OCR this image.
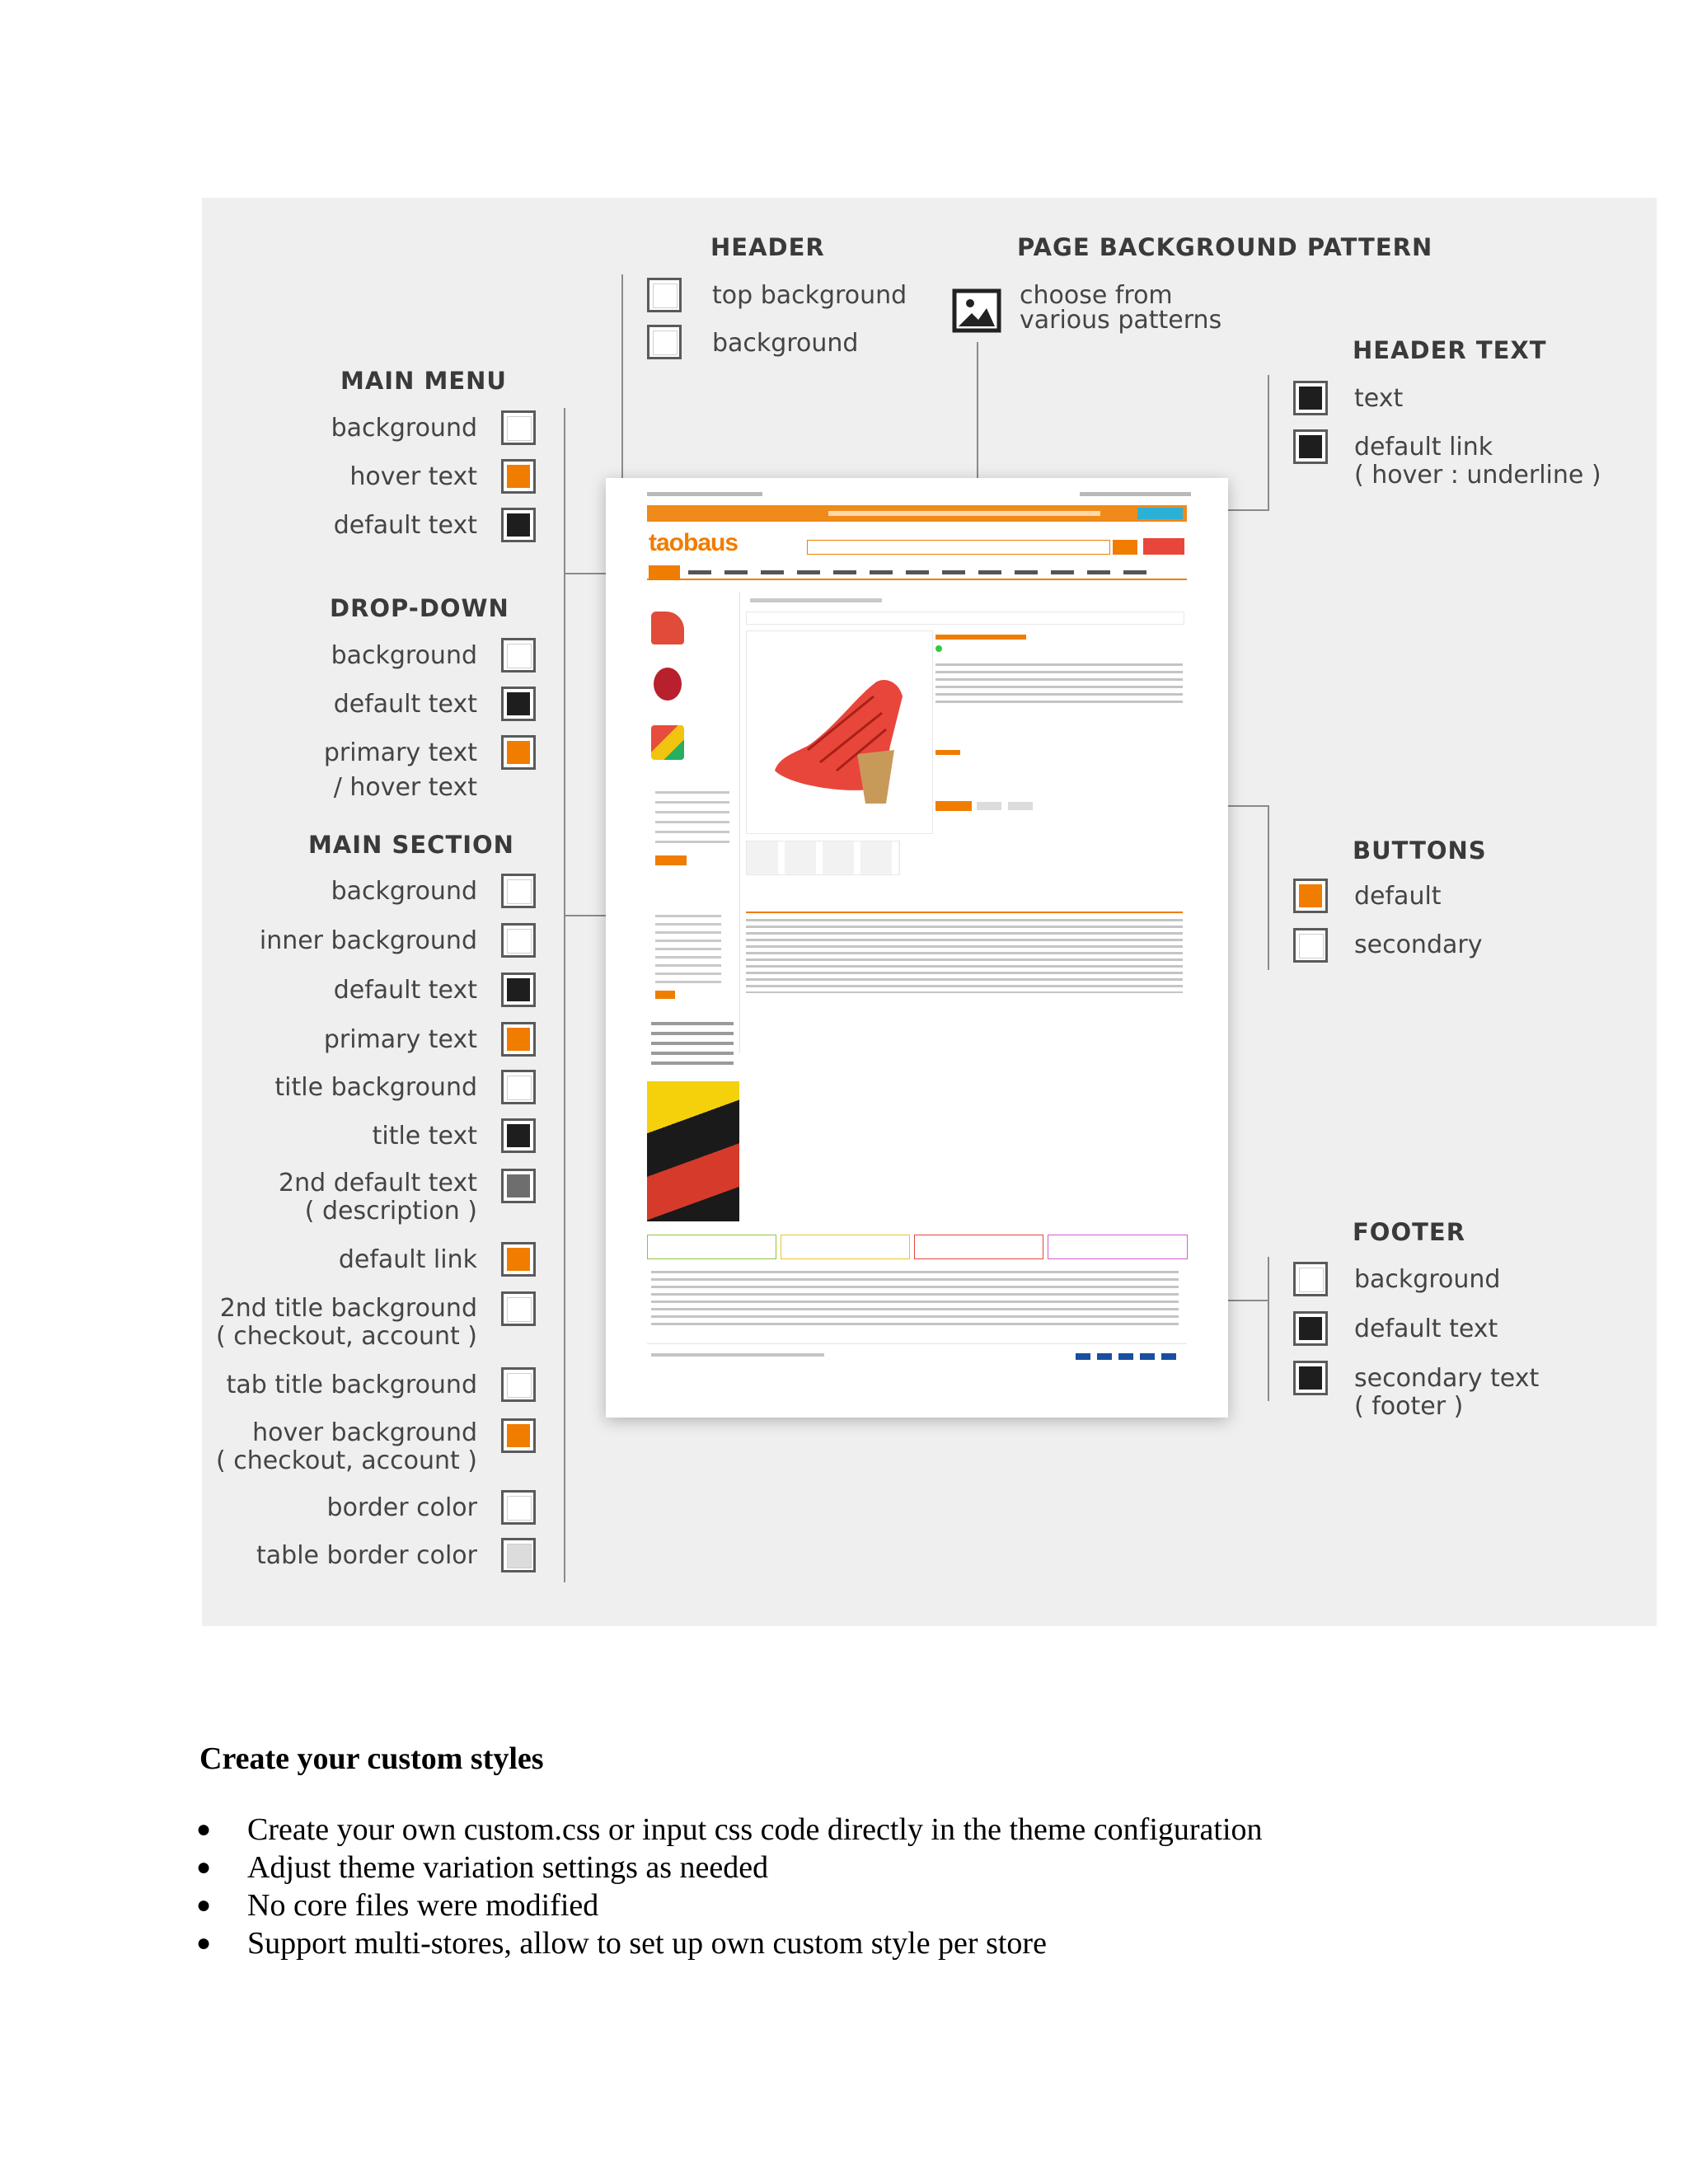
HEADER
top background
background
PAGE BACKGROUND PATTERN
choose from
various patterns
HEADER TEXT
text
default link
( hover : underline )
MAIN MENU
background
hover text
default text
DROP-DOWN
background
default text
primary text
/ hover text
MAIN SECTION
background
inner background
default text
primary text
title background
title text
2nd default text
( description )
default link
2nd title background
( checkout, account )
tab title background
hover background
( checkout, account )
border color
table border color
BUTTONS
default
secondary
FOOTER
background
default text
secondary text
( footer )
taobaus
Create your custom styles
● Create your own custom.css or input css code directly in the theme configuration
● Adjust theme variation settings as needed
● No core files were modified
● Support multi-stores, allow to set up own custom style per store
